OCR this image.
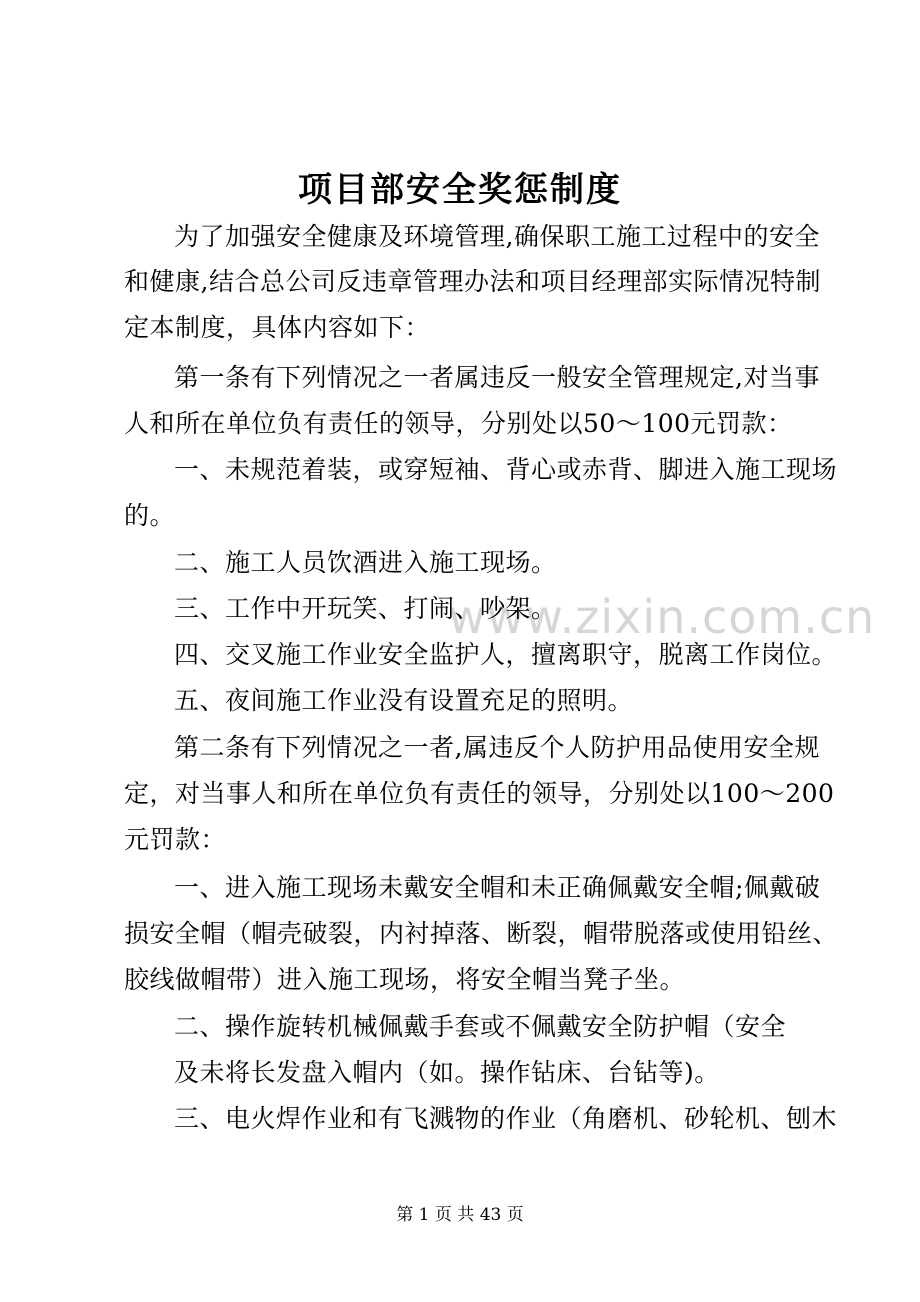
www.zixin.com.cn
项目部安全奖惩制度
为了加强安全健康及环境管理,确保职工施工过程中的安全
和健康,结合总公司反违章管理办法和项目经理部实际情况特制
定本制度，具体内容如下：
第一条有下列情况之一者属违反一般安全管理规定,对当事
人和所在单位负有责任的领导，分别处以50～100元罚款：
一、未规范着装，或穿短袖、背心或赤背、脚进入施工现场
的。
二、施工人员饮酒进入施工现场。
三、工作中开玩笑、打闹、吵架。
四、交叉施工作业安全监护人，擅离职守，脱离工作岗位。
五、夜间施工作业没有设置充足的照明。
第二条有下列情况之一者,属违反个人防护用品使用安全规
定，对当事人和所在单位负有责任的领导，分别处以100～200
元罚款：
一、进入施工现场未戴安全帽和未正确佩戴安全帽;佩戴破
损安全帽（帽壳破裂，内衬掉落、断裂，帽带脱落或使用铅丝、
胶线做帽带）进入施工现场，将安全帽当凳子坐。
二、操作旋转机械佩戴手套或不佩戴安全防护帽（安全
及未将长发盘入帽内（如。操作钻床、台钻等)。
三、电火焊作业和有飞溅物的作业（角磨机、砂轮机、刨木
第 1 页 共 43 页
